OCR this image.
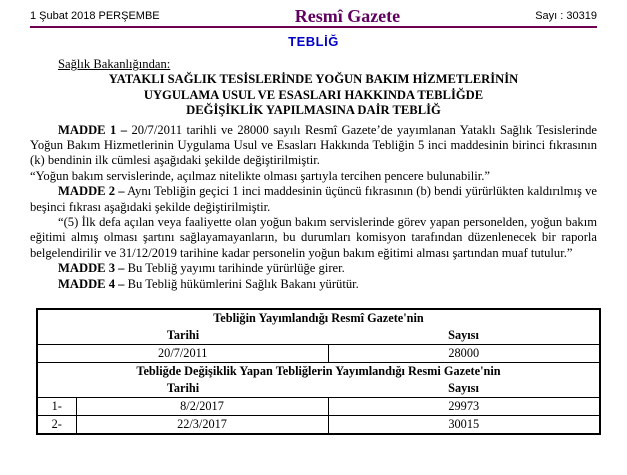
1 Şubat 2018 PERŞEMBE	Resmî Gazete	Sayı : 30319
TEBLİĞ

Sağlık Bakanlığından:

YATAKLI SAĞLIK TESİSLERİNDE YOĞUN BAKIM HİZMETLERİNİN

UYGULAMA USUL VE ESASLARI HAKKINDA TEBLİĞDE

DEĞİŞİKLİK YAPILMASINA DAİR TEBLİĞ

MADDE 1 – 20/7/2011 tarihli ve 28000 sayılı Resmî Gazete’de yayımlanan Yataklı Sağlık Tesislerinde Yoğun Bakım Hizmetlerinin Uygulama Usul ve Esasları Hakkında Tebliğin 5 inci maddesinin birinci fıkrasının (k) bendinin ilk cümlesi aşağıdaki şekilde değiştirilmiştir.

“Yoğun bakım servislerinde, açılmaz nitelikte olması şartıyla tercihen pencere bulunabilir.”

MADDE 2 – Aynı Tebliğin geçici 1 inci maddesinin üçüncü fıkrasının (b) bendi yürürlükten kaldırılmış ve beşinci fıkrası aşağıdaki şekilde değiştirilmiştir.

“(5) İlk defa açılan veya faaliyette olan yoğun bakım servislerinde görev yapan personelden, yoğun bakım eğitimi almış olması şartını sağlayamayanların, bu durumları komisyon tarafından düzenlenecek bir raporla belgelendirilir ve 31/12/2019 tarihine kadar personelin yoğun bakım eğitimi alması şartından muaf tutulur.”

MADDE 3 – Bu Tebliğ yayımı tarihinde yürürlüğe girer.

MADDE 4 – Bu Tebliğ hükümlerini Sağlık Bakanı yürütür.

Tebliğin Yayımlandığı Resmî Gazete'nin		
Tarihi		Sayısı
20/7/2011		28000
Tebliğde Değişiklik Yapan Tebliğlerin Yayımlandığı Resmi Gazete'nin		
Tarihi		Sayısı
1-	8/2/2017	29973
2-	22/3/2017	30015
